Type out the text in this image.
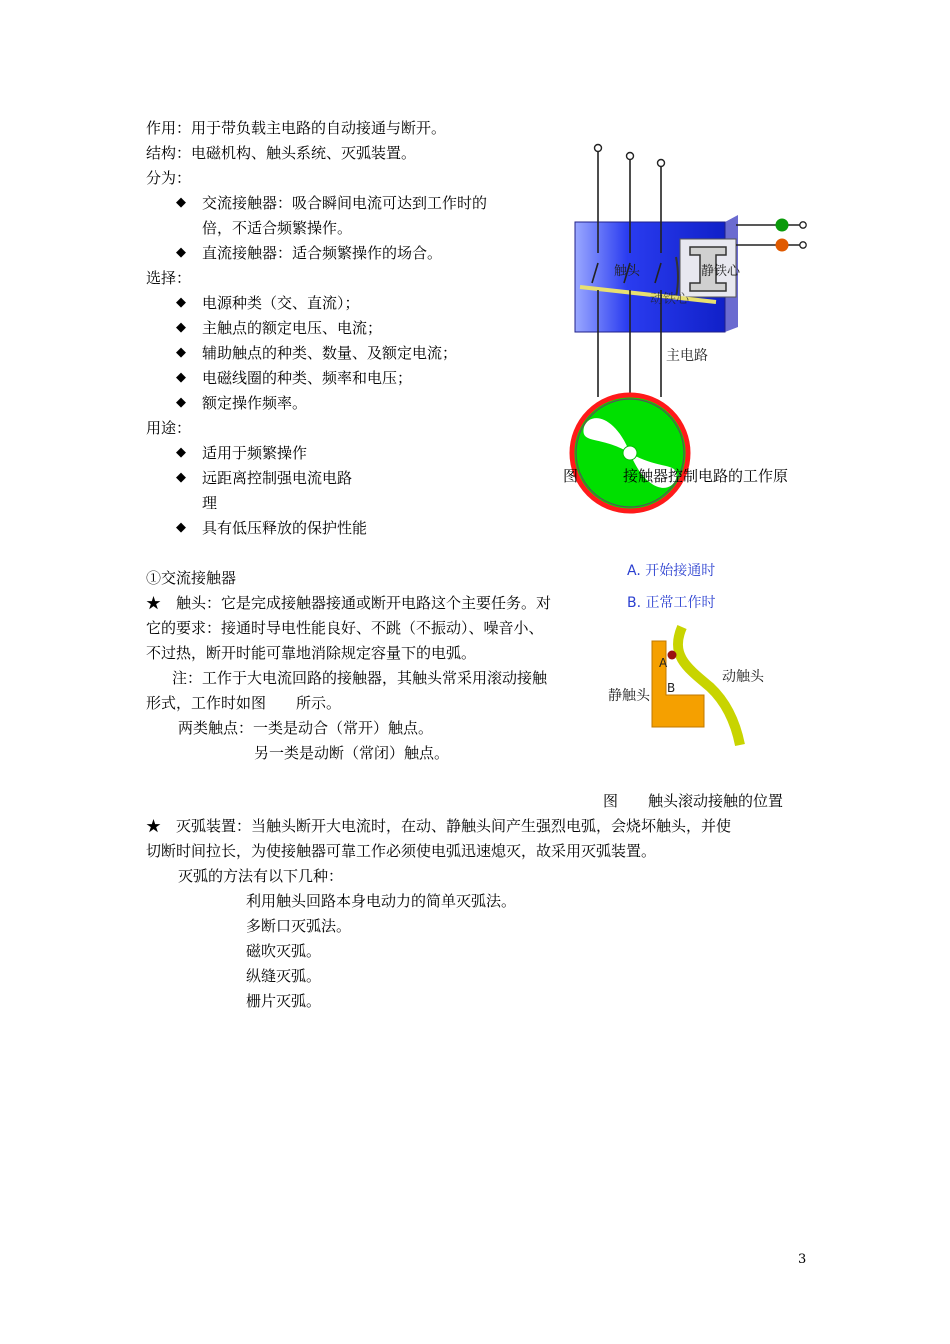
作用：用于带负载主电路的自动接通与断开。
结构：电磁机构、触头系统、灭弧装置。
分为：
◆ 交流接触器：吸合瞬间电流可达到工作时的
倍，不适合频繁操作。
◆ 直流接触器：适合频繁操作的场合。
选择：
◆ 电源种类（交、直流）；
◆ 主触点的额定电压、电流；
◆ 辅助触点的种类、数量、及额定电流；
◆ 电磁线圈的种类、频率和电压；
◆ 额定操作频率。
用途：
◆ 适用于频繁操作
◆ 远距离控制强电流电路
理
◆ 具有低压释放的保护性能
触头	静铁心
动铁心
主电路
图	接触器控制电路的工作原
①交流接触器
★　触头：它是完成接触器接通或断开电路这个主要任务。对
它的要求：接通时导电性能良好、不跳（不振动）、噪音小、
不过热，断开时能可靠地消除规定容量下的电弧。
注：工作于大电流回路的接触器，其触头常采用滚动接触
形式，工作时如图　　所示。
两类触点：一类是动合（常开）触点。
另一类是动断（常闭）触点。
A. 开始接通时
B. 正常工作时
A
B
静触头
动触头
图　　触头滚动接触的位置
★　灭弧装置：当触头断开大电流时，在动、静触头间产生强烈电弧，会烧坏触头，并使
切断时间拉长，为使接触器可靠工作必须使电弧迅速熄灭，故采用灭弧装置。
灭弧的方法有以下几种：
利用触头回路本身电动力的简单灭弧法。
多断口灭弧法。
磁吹灭弧。
纵缝灭弧。
栅片灭弧。
3
